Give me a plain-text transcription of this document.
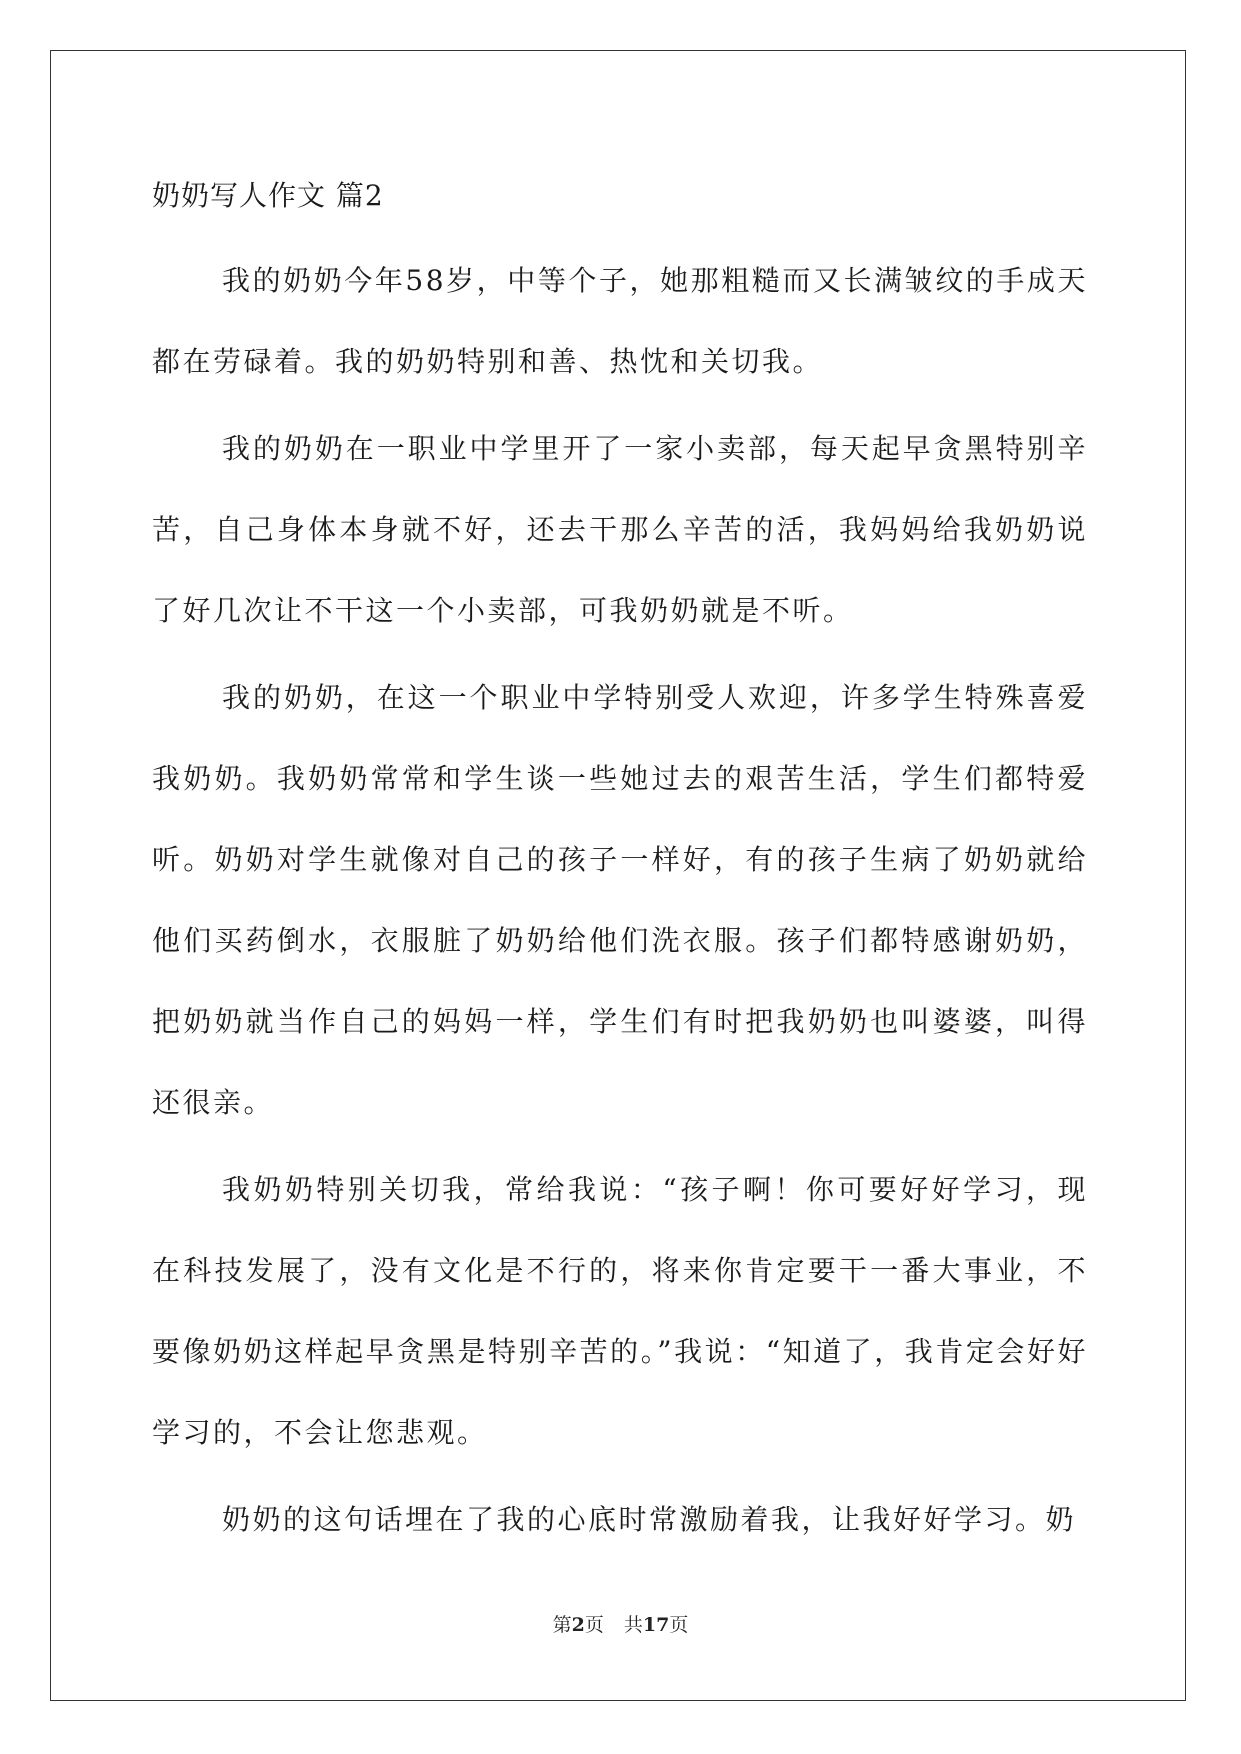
奶奶写人作文 篇2

我的奶奶今年58岁，中等个子，她那粗糙而又长满皱纹的手成天都在劳碌着。我的奶奶特别和善、热忱和关切我。

我的奶奶在一职业中学里开了一家小卖部，每天起早贪黑特别辛苦，自己身体本身就不好，还去干那么辛苦的活，我妈妈给我奶奶说了好几次让不干这一个小卖部，可我奶奶就是不听。

我的奶奶，在这一个职业中学特别受人欢迎，许多学生特殊喜爱我奶奶。我奶奶常常和学生谈一些她过去的艰苦生活，学生们都特爱听。奶奶对学生就像对自己的孩子一样好，有的孩子生病了奶奶就给他们买药倒水，衣服脏了奶奶给他们洗衣服。孩子们都特感谢奶奶，把奶奶就当作自己的妈妈一样，学生们有时把我奶奶也叫婆婆，叫得还很亲。

我奶奶特别关切我，常给我说：“孩子啊！你可要好好学习，现在科技发展了，没有文化是不行的，将来你肯定要干一番大事业，不要像奶奶这样起早贪黑是特别辛苦的。”我说：“知道了，我肯定会好好学习的，不会让您悲观。

奶奶的这句话埋在了我的心底时常激励着我，让我好好学习。奶

第2页 共17页
